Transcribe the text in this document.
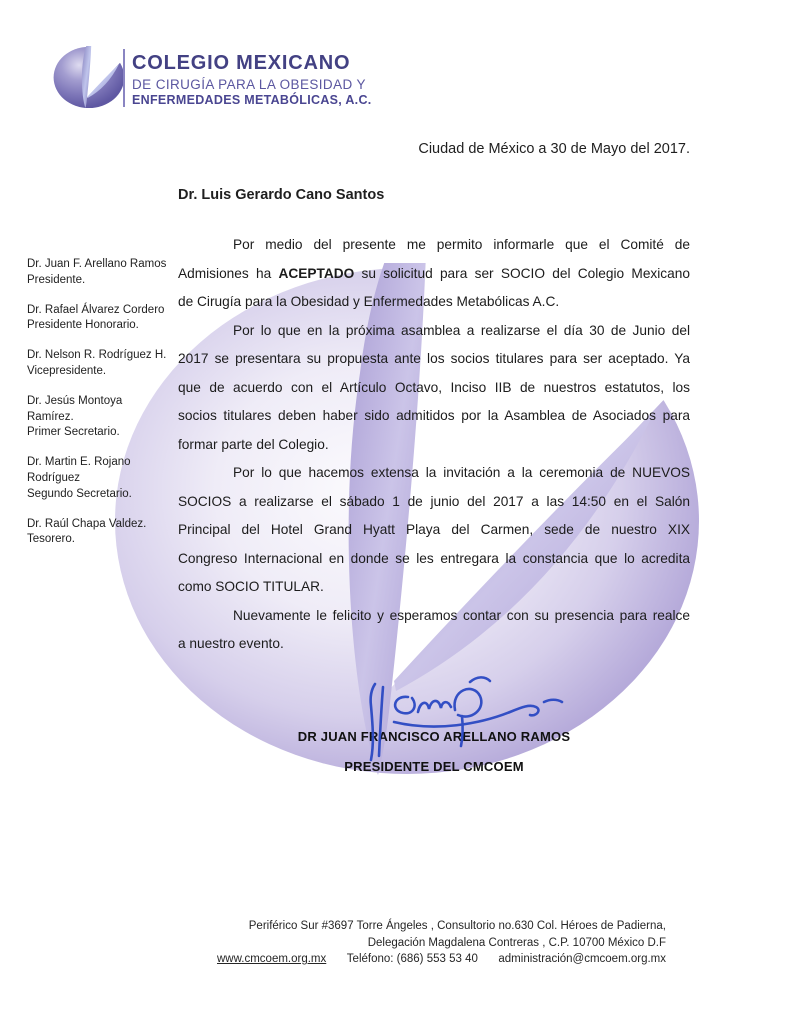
COLEGIO MEXICANO
DE CIRUGÍA PARA LA OBESIDAD Y
ENFERMEDADES METABÓLICAS, A.C.
Ciudad de México a 30 de Mayo del 2017.
Dr. Luis Gerardo Cano Santos
Dr. Juan F. Arellano Ramos
Presidente.
Dr. Rafael Álvarez Cordero
Presidente Honorario.
Dr. Nelson R. Rodríguez H.
Vicepresidente.
Dr. Jesús Montoya
Ramírez.
Primer Secretario.
Dr. Martin E. Rojano
Rodríguez
Segundo Secretario.
Dr. Raúl Chapa Valdez.
Tesorero.
Por medio del presente me permito informarle que el Comité de
Admisiones ha ACEPTADO su solicitud para ser SOCIO del Colegio Mexicano
de Cirugía para la Obesidad y Enfermedades Metabólicas A.C.
Por lo que en la próxima asamblea a realizarse el día 30 de Junio del
2017 se presentara su propuesta ante los socios titulares para ser aceptado. Ya
que de acuerdo con el Artículo Octavo, Inciso IIB de nuestros estatutos, los
socios titulares deben haber sido admitidos por la Asamblea de Asociados para
formar parte del Colegio.
Por lo que hacemos extensa la invitación a la ceremonia de NUEVOS
SOCIOS a realizarse el sábado 1 de junio del 2017 a las 14:50 en el Salón
Principal del Hotel Grand Hyatt Playa del Carmen, sede de nuestro XIX
Congreso Internacional en donde se les entregara la constancia que lo acredita
como SOCIO TITULAR.
Nuevamente le felicito y esperamos contar con su presencia para realce
a nuestro evento.
DR JUAN FRANCISCO ARELLANO RAMOS
PRESIDENTE DEL CMCOEM
Periférico Sur #3697 Torre Ángeles , Consultorio no.630 Col. Héroes de Padierna,
Delegación Magdalena Contreras , C.P. 10700 México D.F
www.cmcoem.org.mx Teléfono: (686) 553 53 40 administración@cmcoem.org.mx
